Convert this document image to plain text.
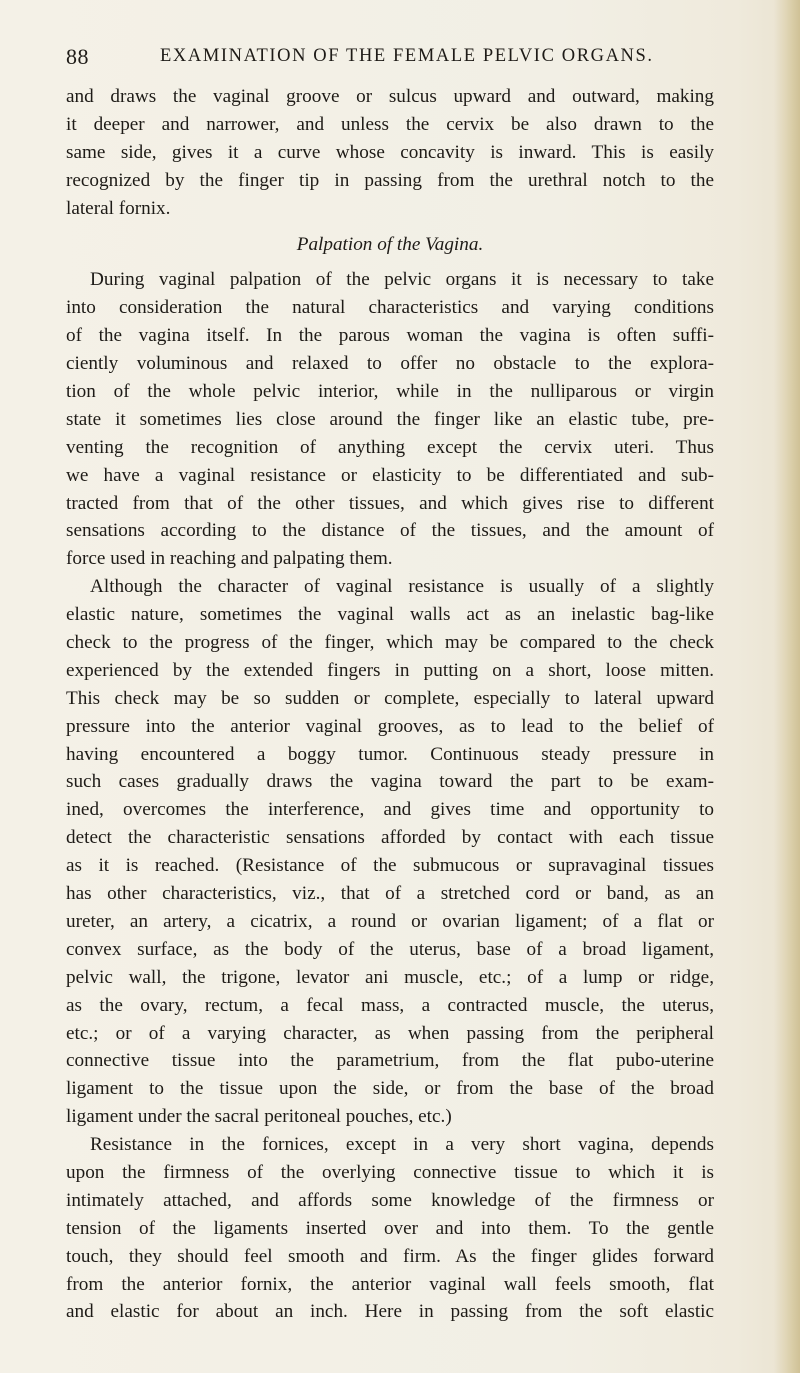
88	EXAMINATION OF THE FEMALE PELVIC ORGANS.
and draws the vaginal groove or sulcus upward and outward, making
it deeper and narrower, and unless the cervix be also drawn to the
same side, gives it a curve whose concavity is inward. This is easily
recognized by the finger tip in passing from the urethral notch to the
lateral fornix.
Palpation of the Vagina.
During vaginal palpation of the pelvic organs it is necessary to take
into consideration the natural characteristics and varying conditions
of the vagina itself. In the parous woman the vagina is often suffi-
ciently voluminous and relaxed to offer no obstacle to the explora-
tion of the whole pelvic interior, while in the nulliparous or virgin
state it sometimes lies close around the finger like an elastic tube, pre-
venting the recognition of anything except the cervix uteri. Thus
we have a vaginal resistance or elasticity to be differentiated and sub-
tracted from that of the other tissues, and which gives rise to different
sensations according to the distance of the tissues, and the amount of
force used in reaching and palpating them.
Although the character of vaginal resistance is usually of a slightly
elastic nature, sometimes the vaginal walls act as an inelastic bag-like
check to the progress of the finger, which may be compared to the check
experienced by the extended fingers in putting on a short, loose mitten.
This check may be so sudden or complete, especially to lateral upward
pressure into the anterior vaginal grooves, as to lead to the belief of
having encountered a boggy tumor. Continuous steady pressure in
such cases gradually draws the vagina toward the part to be exam-
ined, overcomes the interference, and gives time and opportunity to
detect the characteristic sensations afforded by contact with each tissue
as it is reached. (Resistance of the submucous or supravaginal tissues
has other characteristics, viz., that of a stretched cord or band, as an
ureter, an artery, a cicatrix, a round or ovarian ligament; of a flat or
convex surface, as the body of the uterus, base of a broad ligament,
pelvic wall, the trigone, levator ani muscle, etc.; of a lump or ridge,
as the ovary, rectum, a fecal mass, a contracted muscle, the uterus,
etc.; or of a varying character, as when passing from the peripheral
connective tissue into the parametrium, from the flat pubo-uterine
ligament to the tissue upon the side, or from the base of the broad
ligament under the sacral peritoneal pouches, etc.)
Resistance in the fornices, except in a very short vagina, depends
upon the firmness of the overlying connective tissue to which it is
intimately attached, and affords some knowledge of the firmness or
tension of the ligaments inserted over and into them. To the gentle
touch, they should feel smooth and firm. As the finger glides forward
from the anterior fornix, the anterior vaginal wall feels smooth, flat
and elastic for about an inch. Here in passing from the soft elastic
